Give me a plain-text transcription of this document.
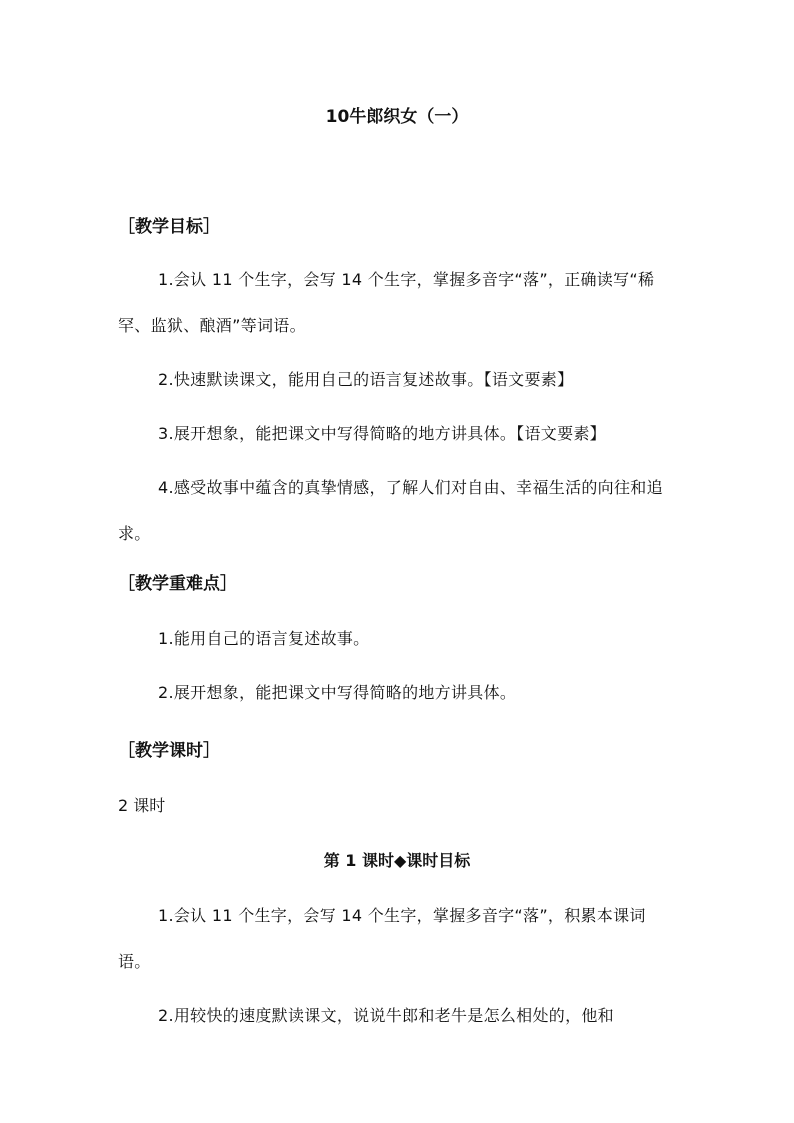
10牛郎织女（一）
［教学目标］
1.会认 11 个生字，会写 14 个生字，掌握多音字“落”，正确读写“稀罕、监狱、酿酒”等词语。
2.快速默读课文，能用自己的语言复述故事。【语文要素】
3.展开想象，能把课文中写得简略的地方讲具体。【语文要素】
4.感受故事中蕴含的真挚情感，了解人们对自由、幸福生活的向往和追求。
［教学重难点］
1.能用自己的语言复述故事。
2.展开想象，能把课文中写得简略的地方讲具体。
［教学课时］
2 课时
第 1 课时◆课时目标
1.会认 11 个生字，会写 14 个生字，掌握多音字“落”，积累本课词语。
2.用较快的速度默读课文，说说牛郎和老牛是怎么相处的，他和
